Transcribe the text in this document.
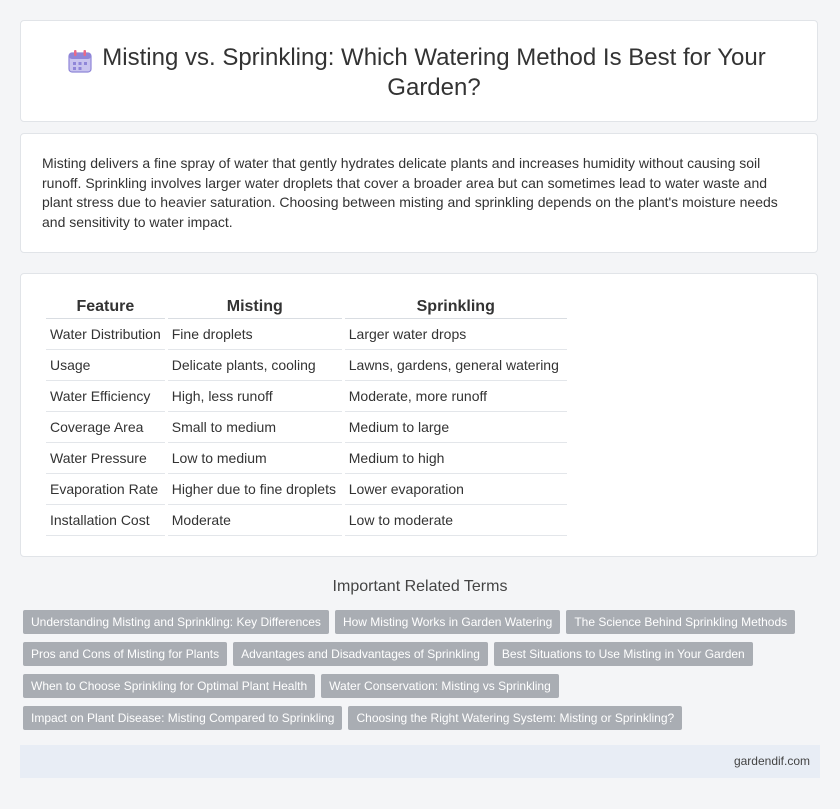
Misting vs. Sprinkling: Which Watering Method Is Best for Your Garden?

Misting delivers a fine spray of water that gently hydrates delicate plants and increases humidity without causing soil runoff. Sprinkling involves larger water droplets that cover a broader area but can sometimes lead to water waste and plant stress due to heavier saturation. Choosing between misting and sprinkling depends on the plant's moisture needs and sensitivity to water impact.

Feature	Misting	Sprinkling
Water Distribution	Fine droplets	Larger water drops
Usage	Delicate plants, cooling	Lawns, gardens, general watering
Water Efficiency	High, less runoff	Moderate, more runoff
Coverage Area	Small to medium	Medium to large
Water Pressure	Low to medium	Medium to high
Evaporation Rate	Higher due to fine droplets	Lower evaporation
Installation Cost	Moderate	Low to moderate
Important Related Terms
Understanding Misting and Sprinkling: Key Differences How Misting Works in Garden Watering The Science Behind Sprinkling Methods
Pros and Cons of Misting for Plants Advantages and Disadvantages of Sprinkling Best Situations to Use Misting in Your Garden
When to Choose Sprinkling for Optimal Plant Health Water Conservation: Misting vs Sprinkling
Impact on Plant Disease: Misting Compared to Sprinkling Choosing the Right Watering System: Misting or Sprinkling?
gardendif.com
